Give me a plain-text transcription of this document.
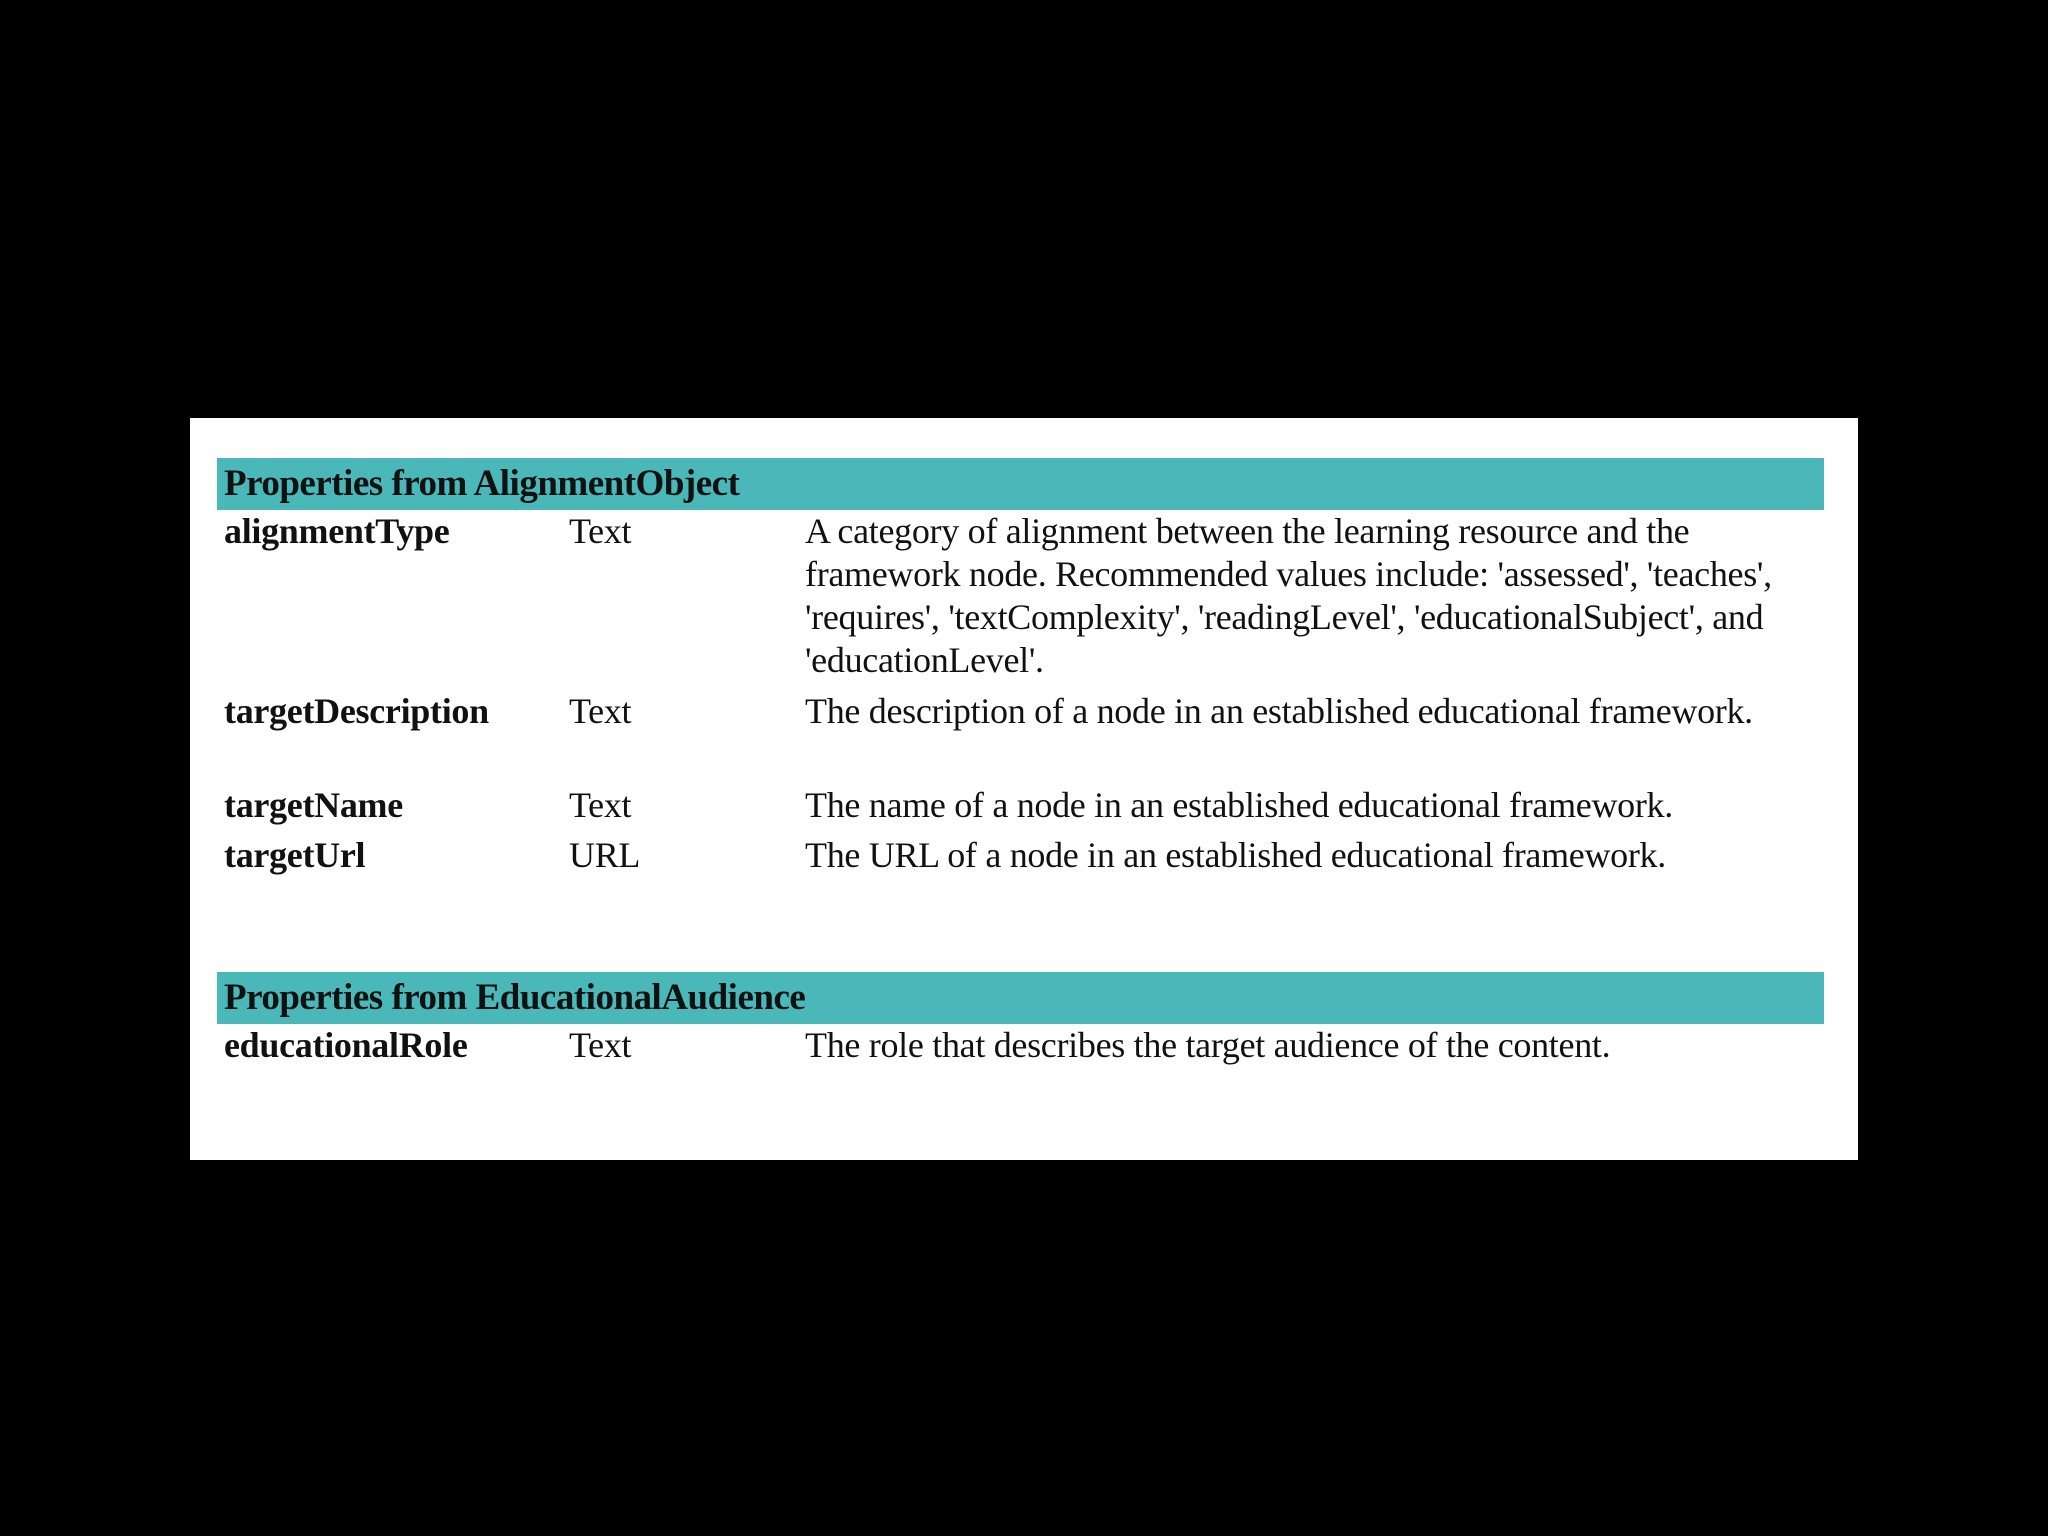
Properties from AlignmentObject
alignmentType	Text	A category of alignment between the learning resource and the framework node. Recommended values include: 'assessed', 'teaches', 'requires', 'textComplexity', 'readingLevel', 'educationalSubject', and 'educationLevel'.
targetDescription	Text	The description of a node in an established educational framework.
targetName	Text	The name of a node in an established educational framework.
targetUrl	URL	The URL of a node in an established educational framework.
Properties from EducationalAudience
educationalRole	Text	The role that describes the target audience of the content.
